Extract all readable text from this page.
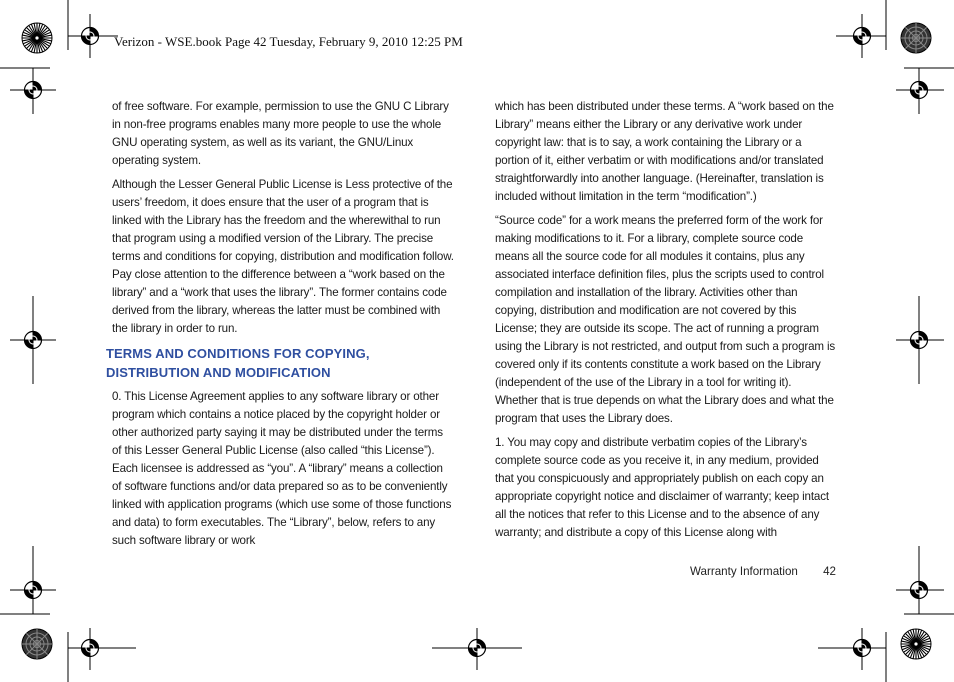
Verizon - WSE.book Page 42 Tuesday, February 9, 2010 12:25 PM

of free software. For example, permission to use the GNU C Library in non-free programs enables many more people to use the whole GNU operating system, as well as its variant, the GNU/Linux operating system.

Although the Lesser General Public License is Less protective of the users’ freedom, it does ensure that the user of a program that is linked with the Library has the freedom and the wherewithal to run that program using a modified version of the Library. The precise terms and conditions for copying, distribution and modification follow. Pay close attention to the difference between a “work based on the library” and a “work that uses the library”. The former contains code derived from the library, whereas the latter must be combined with the library in order to run.

TERMS AND CONDITIONS FOR COPYING, DISTRIBUTION AND MODIFICATION

0. This License Agreement applies to any software library or other program which contains a notice placed by the copyright holder or other authorized party saying it may be distributed under the terms of this Lesser General Public License (also called “this License”). Each licensee is addressed as “you”. A “library” means a collection of software functions and/or data prepared so as to be conveniently linked with application programs (which use some of those functions and data) to form executables. The “Library”, below, refers to any such software library or work

which has been distributed under these terms. A “work based on the Library” means either the Library or any derivative work under copyright law: that is to say, a work containing the Library or a portion of it, either verbatim or with modifications and/or translated straightforwardly into another language. (Hereinafter, translation is included without limitation in the term “modification”.)

“Source code” for a work means the preferred form of the work for making modifications to it. For a library, complete source code means all the source code for all modules it contains, plus any associated interface definition files, plus the scripts used to control compilation and installation of the library. Activities other than copying, distribution and modification are not covered by this License; they are outside its scope. The act of running a program using the Library is not restricted, and output from such a program is covered only if its contents constitute a work based on the Library (independent of the use of the Library in a tool for writing it). Whether that is true depends on what the Library does and what the program that uses the Library does.

1. You may copy and distribute verbatim copies of the Library’s complete source code as you receive it, in any medium, provided that you conspicuously and appropriately publish on each copy an appropriate copyright notice and disclaimer of warranty; keep intact all the notices that refer to this License and to the absence of any warranty; and distribute a copy of this License along with

Warranty Information 42
